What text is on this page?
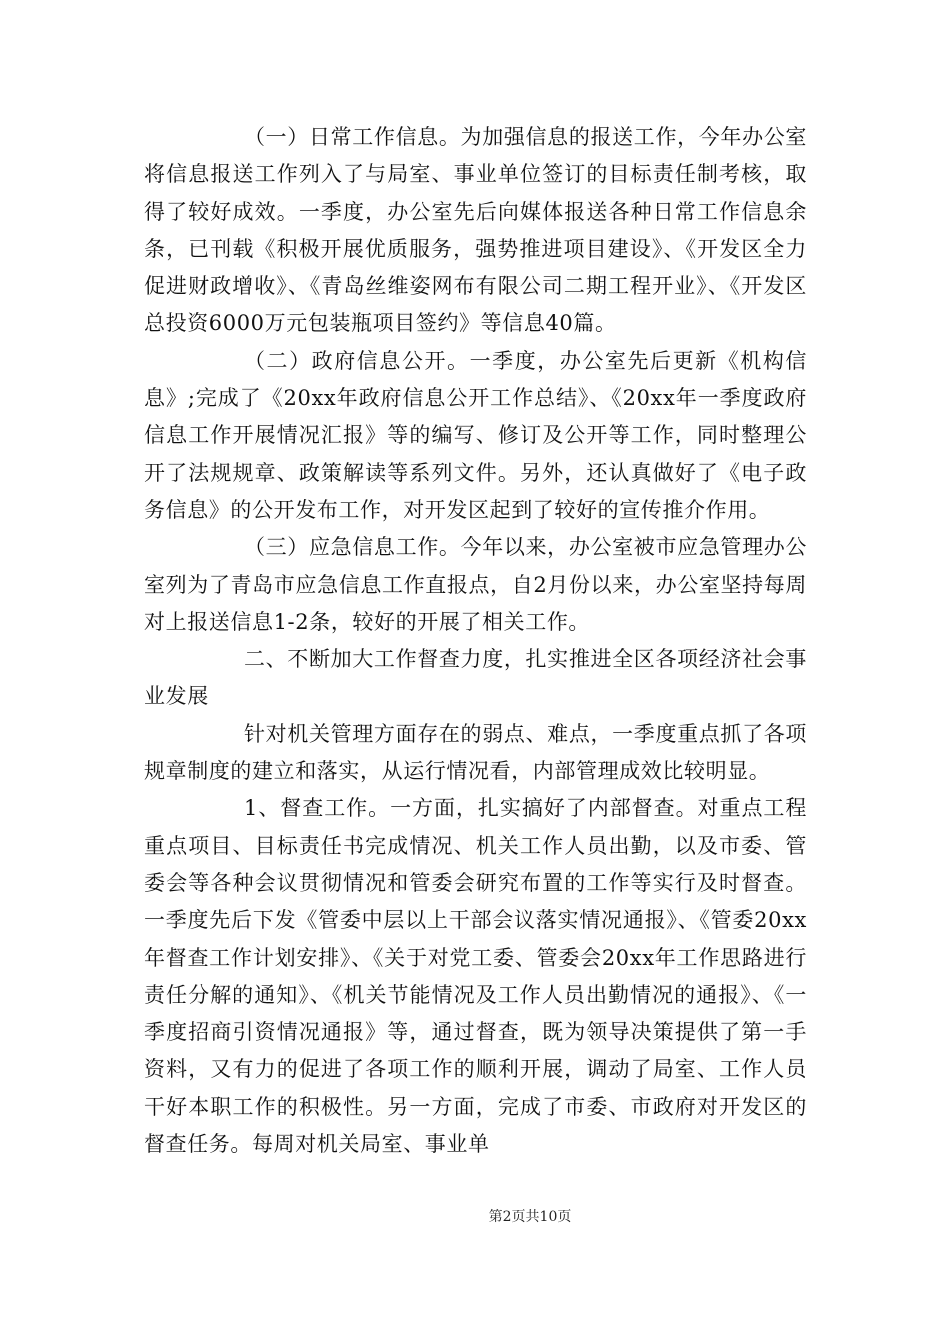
（一）日常工作信息。为加强信息的报送工作，今年办公室将信息报送工作列入了与局室、事业单位签订的目标责任制考核，取得了较好成效。一季度，办公室先后向媒体报送各种日常工作信息余条，已刊载《积极开展优质服务，强势推进项目建设》、《开发区全力促进财政增收》、《青岛丝维姿网布有限公司二期工程开业》、《开发区总投资6000万元包装瓶项目签约》等信息40篇。

（二）政府信息公开。一季度，办公室先后更新《机构信息》;完成了《20xx年政府信息公开工作总结》、《20xx年一季度政府信息工作开展情况汇报》等的编写、修订及公开等工作，同时整理公开了法规规章、政策解读等系列文件。另外，还认真做好了《电子政务信息》的公开发布工作，对开发区起到了较好的宣传推介作用。

（三）应急信息工作。今年以来，办公室被市应急管理办公室列为了青岛市应急信息工作直报点，自2月份以来，办公室坚持每周对上报送信息1-2条，较好的开展了相关工作。

二、不断加大工作督查力度，扎实推进全区各项经济社会事业发展

针对机关管理方面存在的弱点、难点，一季度重点抓了各项规章制度的建立和落实，从运行情况看，内部管理成效比较明显。

1、督查工作。一方面，扎实搞好了内部督查。对重点工程重点项目、目标责任书完成情况、机关工作人员出勤，以及市委、管委会等各种会议贯彻情况和管委会研究布置的工作等实行及时督查。一季度先后下发《管委中层以上干部会议落实情况通报》、《管委20xx年督查工作计划安排》、《关于对党工委、管委会20xx年工作思路进行责任分解的通知》、《机关节能情况及工作人员出勤情况的通报》、《一季度招商引资情况通报》等，通过督查，既为领导决策提供了第一手资料，又有力的促进了各项工作的顺利开展，调动了局室、工作人员干好本职工作的积极性。另一方面，完成了市委、市政府对开发区的督查任务。每周对机关局室、事业单

第2页共10页
